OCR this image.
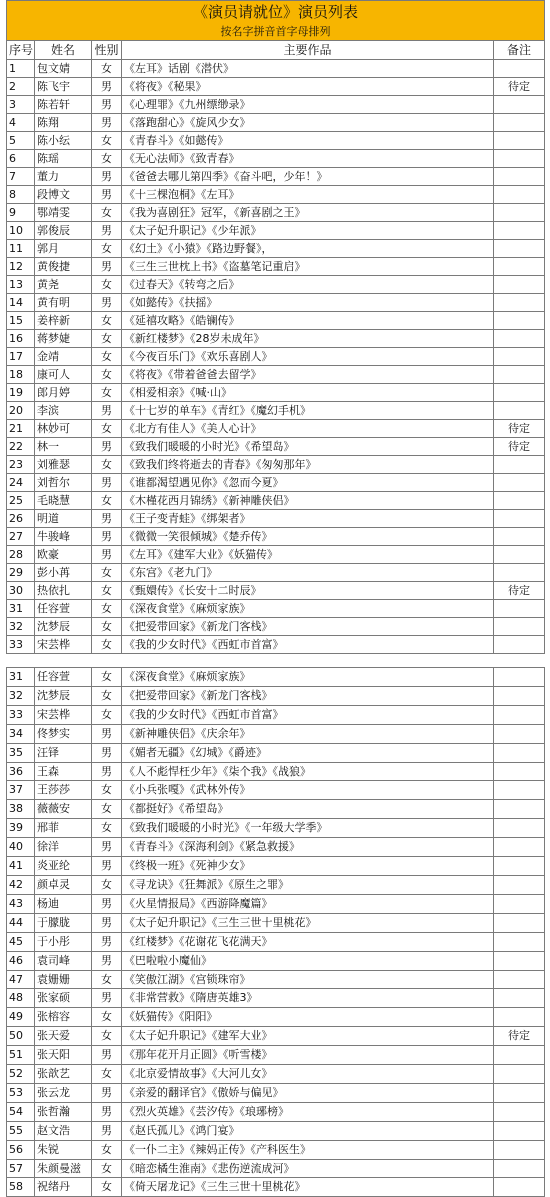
《演员请就位》演员列表				
按名字拼音首字母排列				
序号	姓名	性别	主要作品	备注
1	包文婧	女	《左耳》话剧《潜伏》	
2	陈飞宇	男	《将夜》《秘果》	待定
3	陈若轩	男	《心理罪》《九州缥缈录》	
4	陈翔	男	《落跑甜心》《旋风少女》	
5	陈小纭	女	《青春斗》《如懿传》	
6	陈瑶	女	《无心法师》《致青春》	
7	董力	男	《爸爸去哪儿第四季》《奋斗吧，少年！》	
8	段博文	男	《十三棵泡桐》《左耳》	
9	鄂靖雯	女	《我为喜剧狂》冠军，《新喜剧之王》	
10	郭俊辰	男	《太子妃升职记》《少年派》	
11	郭月	女	《幻土》《小猿》《路边野餐》，	
12	黄俊捷	男	《三生三世枕上书》《盗墓笔记重启》	
13	黄尧	女	《过春天》《转弯之后》	
14	黄有明	男	《如懿传》《扶摇》	
15	姜梓新	女	《延禧攻略》《皓镧传》	
16	蒋梦婕	女	《新红楼梦》《28岁未成年》	
17	金靖	女	《今夜百乐门》《欢乐喜剧人》	
18	康可人	女	《将夜》《带着爸爸去留学》	
19	郎月婷	女	《相爱相亲》《喊·山》	
20	李滨	男	《十七岁的单车》《青红》《魔幻手机》	
21	林妙可	女	《北方有佳人》《美人心计》	待定
22	林一	男	《致我们暖暖的小时光》《希望岛》	待定
23	刘雅瑟	女	《致我们终将逝去的青春》《匆匆那年》	
24	刘哲尔	男	《谁都渴望遇见你》《忽而今夏》	
25	毛晓慧	女	《木槿花西月锦绣》《新神雕侠侣》	
26	明道	男	《王子变青蛙》《绑架者》	
27	牛骏峰	男	《微微一笑很倾城》《楚乔传》	
28	欧豪	男	《左耳》《建军大业》《妖猫传》	
29	彭小苒	女	《东宫》《老九门》	
30	热依扎	女	《甄嬛传》《长安十二时辰》	待定
31	任容萱	女	《深夜食堂》《麻烦家族》	
32	沈梦辰	女	《把爱带回家》《新龙门客栈》	
33	宋芸桦	女	《我的少女时代》《西虹市首富》	
31	任容萱	女	《深夜食堂》《麻烦家族》	
32	沈梦辰	女	《把爱带回家》《新龙门客栈》	
33	宋芸桦	女	《我的少女时代》《西虹市首富》	
34	佟梦实	男	《新神雕侠侣》《庆余年》	
35	汪铎	男	《媚者无疆》《幻城》《爵迹》	
36	王森	男	《人不彪悍枉少年》《柒个我》《战狼》	
37	王莎莎	女	《小兵张嘎》《武林外传》	
38	薇薇安	女	《都挺好》《希望岛》	
39	邢菲	女	《致我们暖暖的小时光》《一年级大学季》	
40	徐洋	男	《青春斗》《深海利剑》《紧急救援》	
41	炎亚纶	男	《终极一班》《死神少女》	
42	颜卓灵	女	《寻龙诀》《狂舞派》《原生之罪》	
43	杨迪	男	《火星情报局》《西游降魔篇》	
44	于朦胧	男	《太子妃升职记》《三生三世十里桃花》	
45	于小彤	男	《红楼梦》《花谢花飞花满天》	
46	袁司峰	男	《巴啦啦小魔仙》	
47	袁姗姗	女	《笑傲江湖》《宫锁珠帘》	
48	张家硕	男	《非常营救》《隋唐英雄3》	
49	张榕容	女	《妖猫传》《阳阳》	
50	张天爱	女	《太子妃升职记》《建军大业》	待定
51	张天阳	男	《那年花开月正圆》《听雪楼》	
52	张歆艺	女	《北京爱情故事》《大河儿女》	
53	张云龙	男	《亲爱的翻译官》《傲娇与偏见》	
54	张哲瀚	男	《烈火英雄》《芸汐传》《琅琊榜》	
55	赵文浩	男	《赵氏孤儿》《鸿门宴》	
56	朱锐	女	《一仆二主》《辣妈正传》《产科医生》	
57	朱颜曼滋	女	《暗恋橘生淮南》《悲伤逆流成河》	
58	祝绪丹	女	《倚天屠龙记》《三生三世十里桃花》	
